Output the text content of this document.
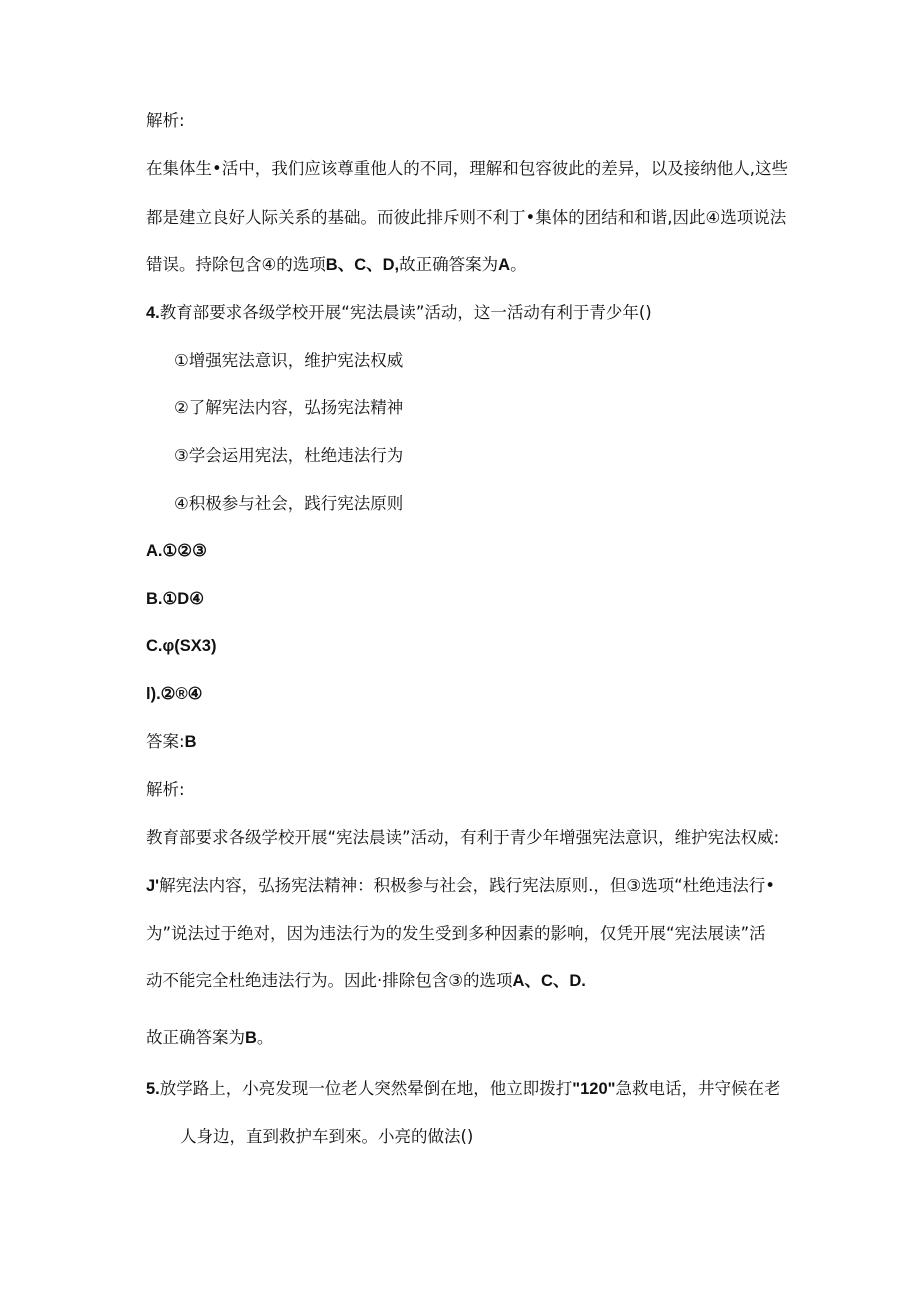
解析:
在集体生•活中，我们应该尊重他人的不同，理解和包容彼此的差异，以及接纳他人,这些
都是建立良好人际关系的基础。而彼此排斥则不利丁•集体的团结和和谐,因此④选项说法
错误。持除包含④的选项B、C、D,故正确答案为A。
4.教育部要求各级学校开展“宪法晨读”活动，这一活动有利于青少年()
①增强宪法意识，维护宪法权威
②了解宪法内容，弘扬宪法精神
③学会运用宪法，杜绝违法行为
④积极参与社会，践行宪法原则
A.①②③
B.①D④
C.φ(SX3)
l).②®④
答案:B
解析:
教育部要求各级学校开展“宪法晨读”活动，有利于青少年增强宪法意识，维护宪法权威:
J'解宪法内容，弘扬宪法精神：积极参与社会，践行宪法原则.，但③选项“杜绝违法行•
为”说法过于绝对，因为违法行为的发生受到多种因素的影响，仅凭开展“宪法展读”活
动不能完全杜绝违法行为。因此·排除包含③的选项A、C、D.
故正确答案为B。
5.放学路上，小亮发现一位老人突然晕倒在地，他立即拨打"120"急救电话，井守候在老
人身边，直到救护车到來。小亮的做法()
